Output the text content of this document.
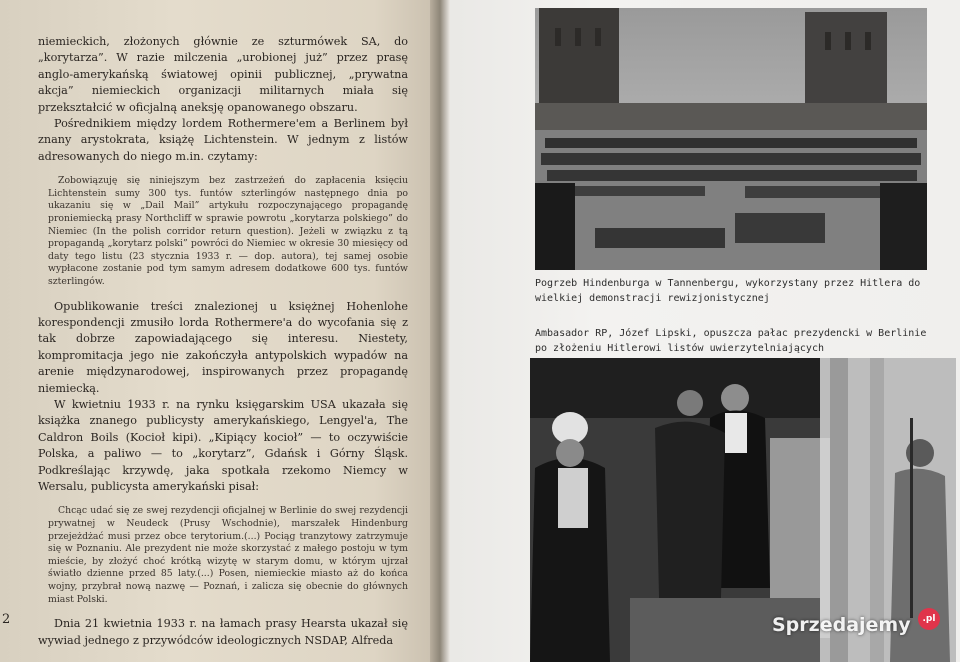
niemieckich, złożonych głównie ze szturmówek SA, do „korytarza”. W razie milczenia „urobionej już” przez prasę anglo-amerykańską światowej opinii publicznej, „prywatna akcja” niemieckich organizacji militarnych miała się przekształcić w oficjalną aneksję opanowanego obszaru.

Pośrednikiem między lordem Rothermere'em a Berlinem był znany arystokrata, książę Lichtenstein. W jednym z listów adresowanych do niego m.in. czytamy:

Zobowiązuję się niniejszym bez zastrzeżeń do zapłacenia księciu Lichtenstein sumy 300 tys. funtów szterlingów następnego dnia po ukazaniu się w „Dail Mail” artykułu rozpoczynającego propagandę proniemiecką prasy Northcliff w sprawie powrotu „korytarza polskiego” do Niemiec (In the polish corridor return question). Jeżeli w związku z tą propagandą „korytarz polski” powróci do Niemiec w okresie 30 miesięcy od daty tego listu (23 stycznia 1933 r. — dop. autora), tej samej osobie wypłacone zostanie pod tym samym adresem dodatkowe 600 tys. funtów szterlingów.

Opublikowanie treści znalezionej u księżnej Hohenlohe korespondencji zmusiło lorda Rothermere'a do wycofania się z tak dobrze zapowiadającego się interesu. Niestety, kompromitacja jego nie zakończyła antypolskich wypadów na arenie międzynarodowej, inspirowanych przez propagandę niemiecką.

W kwietniu 1933 r. na rynku księgarskim USA ukazała się książka znanego publicysty amerykańskiego, Lengyel'a, The Caldron Boils (Kocioł kipi). „Kipiący kocioł” — to oczywiście Polska, a paliwo — to „korytarz”, Gdańsk i Górny Śląsk. Podkreślając krzywdę, jaka spotkała rzekomo Niemcy w Wersalu, publicysta amerykański pisał:

Chcąc udać się ze swej rezydencji oficjalnej w Berlinie do swej rezydencji prywatnej w Neudeck (Prusy Wschodnie), marszałek Hindenburg przejeżdżać musi przez obce terytorium.(...) Pociąg tranzytowy zatrzymuje się w Poznaniu. Ale prezydent nie może skorzystać z małego postoju w tym mieście, by złożyć choć krótką wizytę w starym domu, w którym ujrzał światło dzienne przed 85 laty.(...) Posen, niemieckie miasto aż do końca wojny, przybrał nową nazwę — Poznań, i zalicza się obecnie do głównych miast Polski.

Dnia 21 kwietnia 1933 r. na łamach prasy Hearsta ukazał się wywiad jednego z przywódców ideologicznych NSDAP, Alfreda

2
Pogrzeb Hindenburga w Tannenbergu, wykorzystany przez Hitlera do wielkiej demonstracji rewizjonistycznej
Ambasador RP, Józef Lipski, opuszcza pałac prezydencki w Berlinie po złożeniu Hitlerowi listów uwierzytelniających
Sprzedajemy	.pl
